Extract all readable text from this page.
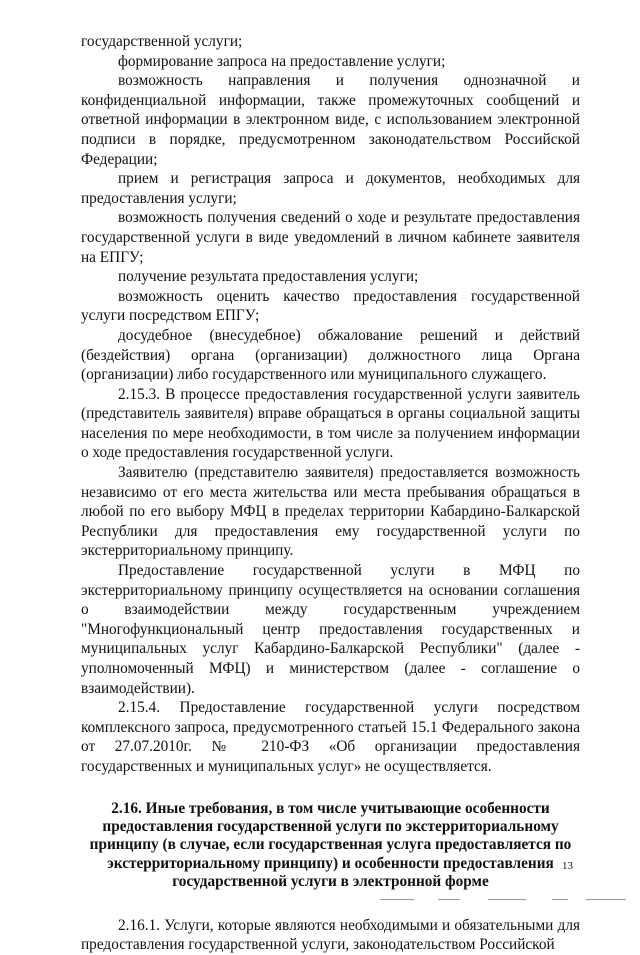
государственной услуги;

формирование запроса на предоставление услуги;

возможность направления и получения однозначной и конфиденциальной информации, также промежуточных сообщений и ответной информации в электронном виде, с использованием электронной подписи в порядке, предусмотренном законодательством Российской Федерации;

прием и регистрация запроса и документов, необходимых для предоставления услуги;

возможность получения сведений о ходе и результате предоставления государственной услуги в виде уведомлений в личном кабинете заявителя на ЕПГУ;

получение результата предоставления услуги;

возможность оценить качество предоставления государственной услуги посредством ЕПГУ;

досудебное (внесудебное) обжалование решений и действий (бездействия) органа (организации) должностного лица Органа (организации) либо государственного или муниципального служащего.

2.15.3. В процессе предоставления государственной услуги заявитель (представитель заявителя) вправе обращаться в органы социальной защиты населения по мере необходимости, в том числе за получением информации о ходе предоставления государственной услуги.

Заявителю (представителю заявителя) предоставляется возможность независимо от его места жительства или места пребывания обращаться в любой по его выбору МФЦ в пределах территории Кабардино-Балкарской Республики для предоставления ему государственной услуги по экстерриториальному принципу.

Предоставление государственной услуги в МФЦ по экстерриториальному принципу осуществляется на основании соглашения о взаимодействии между государственным учреждением "Многофункциональный центр предоставления государственных и муниципальных услуг Кабардино-Балкарской Республики" (далее - уполномоченный МФЦ) и министерством (далее - соглашение о взаимодействии).

2.15.4. Предоставление государственной услуги посредством комплексного запроса, предусмотренного статьей 15.1 Федерального закона от 27.07.2010г. № 210-ФЗ «Об организации предоставления государственных и муниципальных услуг» не осуществляется.

2.16. Иные требования, в том числе учитывающие особенности предоставления государственной услуги по экстерриториальному принципу (в случае, если государственная услуга предоставляется по экстерриториальному принципу) и особенности предоставления государственной услуги в электронной форме

2.16.1. Услуги, которые являются необходимыми и обязательными для предоставления государственной услуги, законодательством Российской

13
